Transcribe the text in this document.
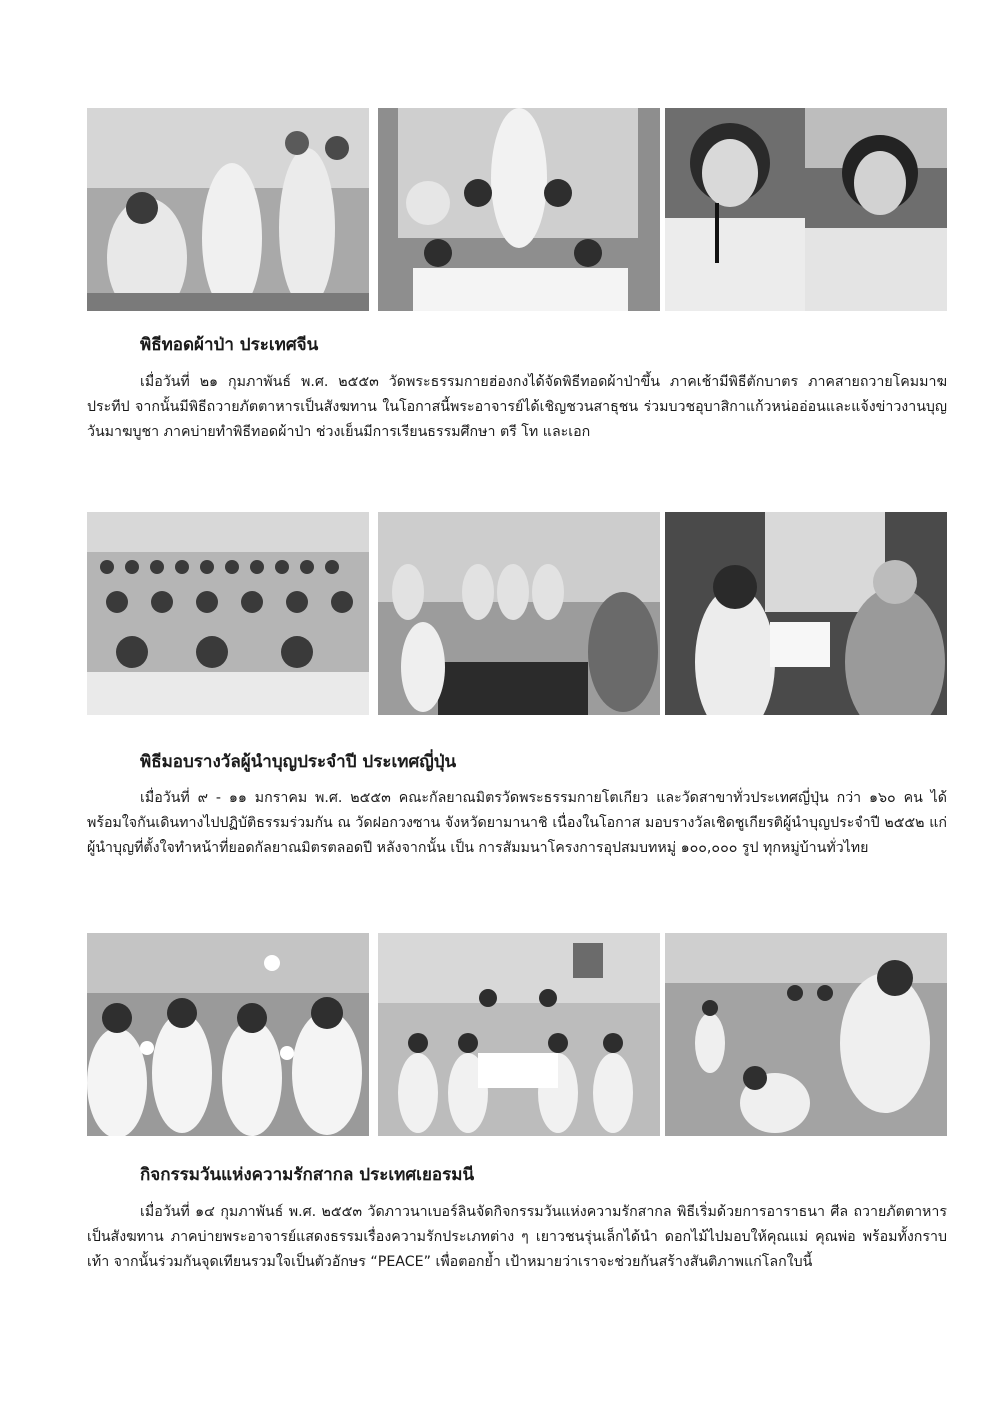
พิธีทอดผ้าป่า ประเทศจีน

เมื่อวันที่ ๒๑ กุมภาพันธ์ พ.ศ. ๒๕๕๓ วัดพระธรรมกายฮ่องกงได้จัดพิธีทอดผ้าป่าขึ้น ภาคเช้ามีพิธีตักบาตร ภาคสายถวายโคมมาฆประทีป จากนั้นมีพิธีถวายภัตตาหารเป็นสังฆทาน ในโอกาสนี้พระอาจารย์ได้เชิญชวนสาธุชน ร่วมบวชอุบาสิกาแก้วหน่ออ่อนและแจ้งข่าวงานบุญวันมาฆบูชา ภาคบ่ายทำพิธีทอดผ้าป่า ช่วงเย็นมีการเรียนธรรมศึกษา ตรี โท และเอก

พิธีมอบรางวัลผู้นำบุญประจำปี ประเทศญี่ปุ่น

เมื่อวันที่ ๙ - ๑๑ มกราคม พ.ศ. ๒๕๕๓ คณะกัลยาณมิตรวัดพระธรรมกายโตเกียว และวัดสาขาทั่วประเทศญี่ปุ่น กว่า ๑๖๐ คน ได้พร้อมใจกันเดินทางไปปฏิบัติธรรมร่วมกัน ณ วัดฝอกวงซาน จังหวัดยามานาชิ เนื่องในโอกาส มอบรางวัลเชิดชูเกียรติผู้นำบุญประจำปี ๒๕๕๒ แก่ผู้นำบุญที่ตั้งใจทำหน้าที่ยอดกัลยาณมิตรตลอดปี หลังจากนั้น เป็น การสัมมนาโครงการอุปสมบทหมู่ ๑๐๐,๐๐๐ รูป ทุกหมู่บ้านทั่วไทย

กิจกรรมวันแห่งความรักสากล ประเทศเยอรมนี

เมื่อวันที่ ๑๔ กุมภาพันธ์ พ.ศ. ๒๕๕๓ วัดภาวนาเบอร์ลินจัดกิจกรรมวันแห่งความรักสากล พิธีเริ่มด้วยการอาราธนา ศีล ถวายภัตตาหารเป็นสังฆทาน ภาคบ่ายพระอาจารย์แสดงธรรมเรื่องความรักประเภทต่าง ๆ เยาวชนรุ่นเล็กได้นำ ดอกไม้ไปมอบให้คุณแม่ คุณพ่อ พร้อมทั้งกราบเท้า จากนั้นร่วมกันจุดเทียนรวมใจเป็นตัวอักษร “PEACE” เพื่อตอกย้ำ เป้าหมายว่าเราจะช่วยกันสร้างสันติภาพแก่โลกใบนี้
